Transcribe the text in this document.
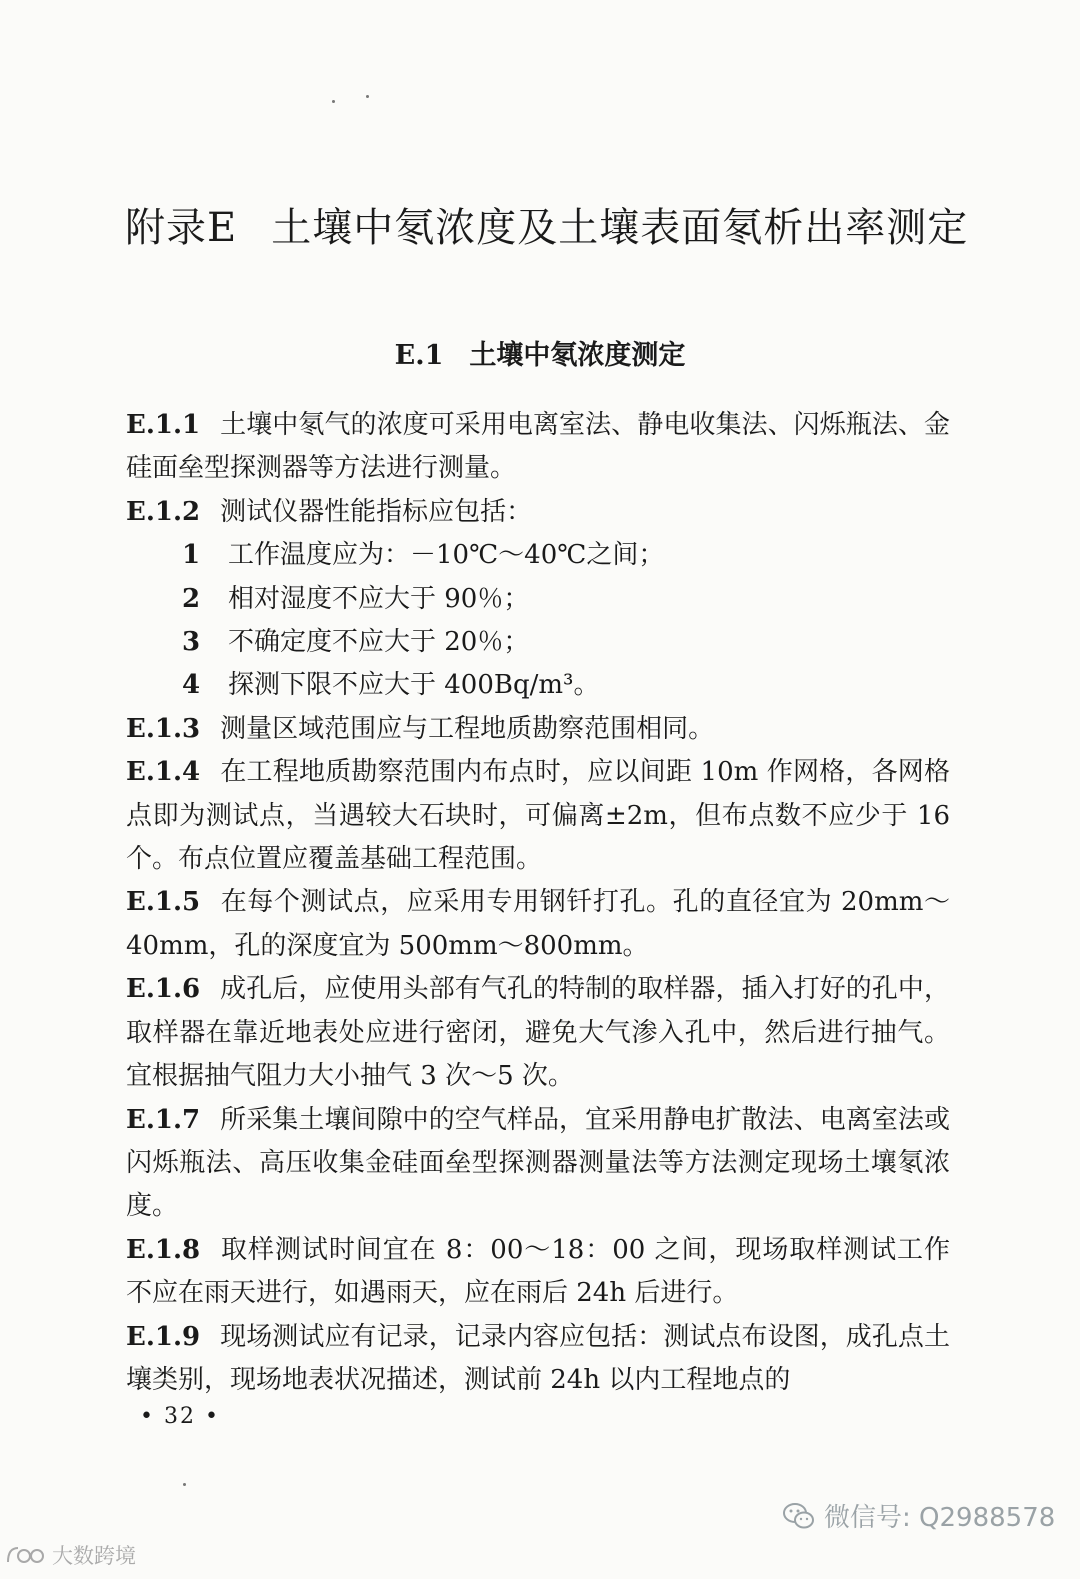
附录E 土壤中氡浓度及土壤表面氡析出率测定
E.1 土壤中氡浓度测定

E.1.1 土壤中氡气的浓度可采用电离室法、静电收集法、闪烁瓶法、金硅面垒型探测器等方法进行测量。

E.1.2 测试仪器性能指标应包括：

1 工作温度应为：－10℃～40℃之间；

2 相对湿度不应大于 90％；

3 不确定度不应大于 20％；

4 探测下限不应大于 400Bq/m³。

E.1.3 测量区域范围应与工程地质勘察范围相同。

E.1.4 在工程地质勘察范围内布点时，应以间距 10m 作网格，各网格点即为测试点，当遇较大石块时，可偏离±2m，但布点数不应少于 16 个。布点位置应覆盖基础工程范围。

E.1.5 在每个测试点，应采用专用钢钎打孔。孔的直径宜为 20mm～40mm，孔的深度宜为 500mm～800mm。

E.1.6 成孔后，应使用头部有气孔的特制的取样器，插入打好的孔中，取样器在靠近地表处应进行密闭，避免大气渗入孔中，然后进行抽气。宜根据抽气阻力大小抽气 3 次～5 次。

E.1.7 所采集土壤间隙中的空气样品，宜采用静电扩散法、电离室法或闪烁瓶法、高压收集金硅面垒型探测器测量法等方法测定现场土壤氡浓度。

E.1.8 取样测试时间宜在 8：00～18：00 之间，现场取样测试工作不应在雨天进行，如遇雨天，应在雨后 24h 后进行。

E.1.9 现场测试应有记录，记录内容应包括：测试点布设图，成孔点土壤类别，现场地表状况描述，测试前 24h 以内工程地点的

• 32 •
微信号: Q2988578
大数跨境
